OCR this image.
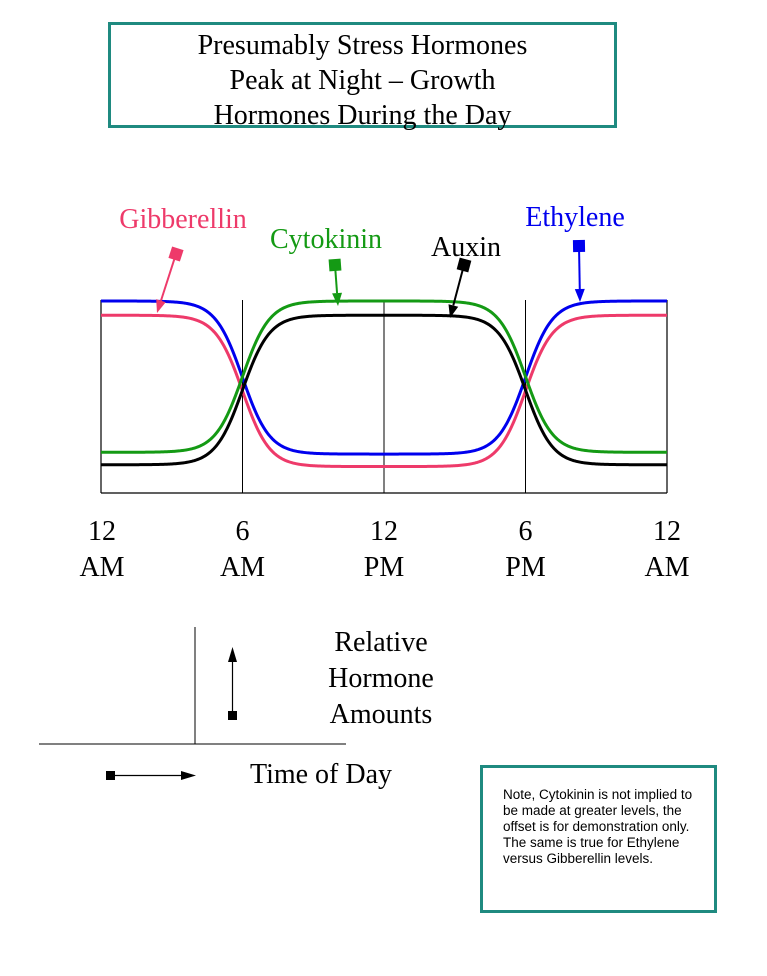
Presumably Stress Hormones
Peak at Night – Growth
Hormones During the Day
Gibberellin	Ethylene
Cytokinin Auxin
12
AM
6
AM
12
PM
6
PM
12
AM
Relative
Hormone
Amounts
Time of Day
Note, Cytokinin is not implied to be made at greater levels, the offset is for demonstration only. The same is true for Ethylene versus Gibberellin levels.
